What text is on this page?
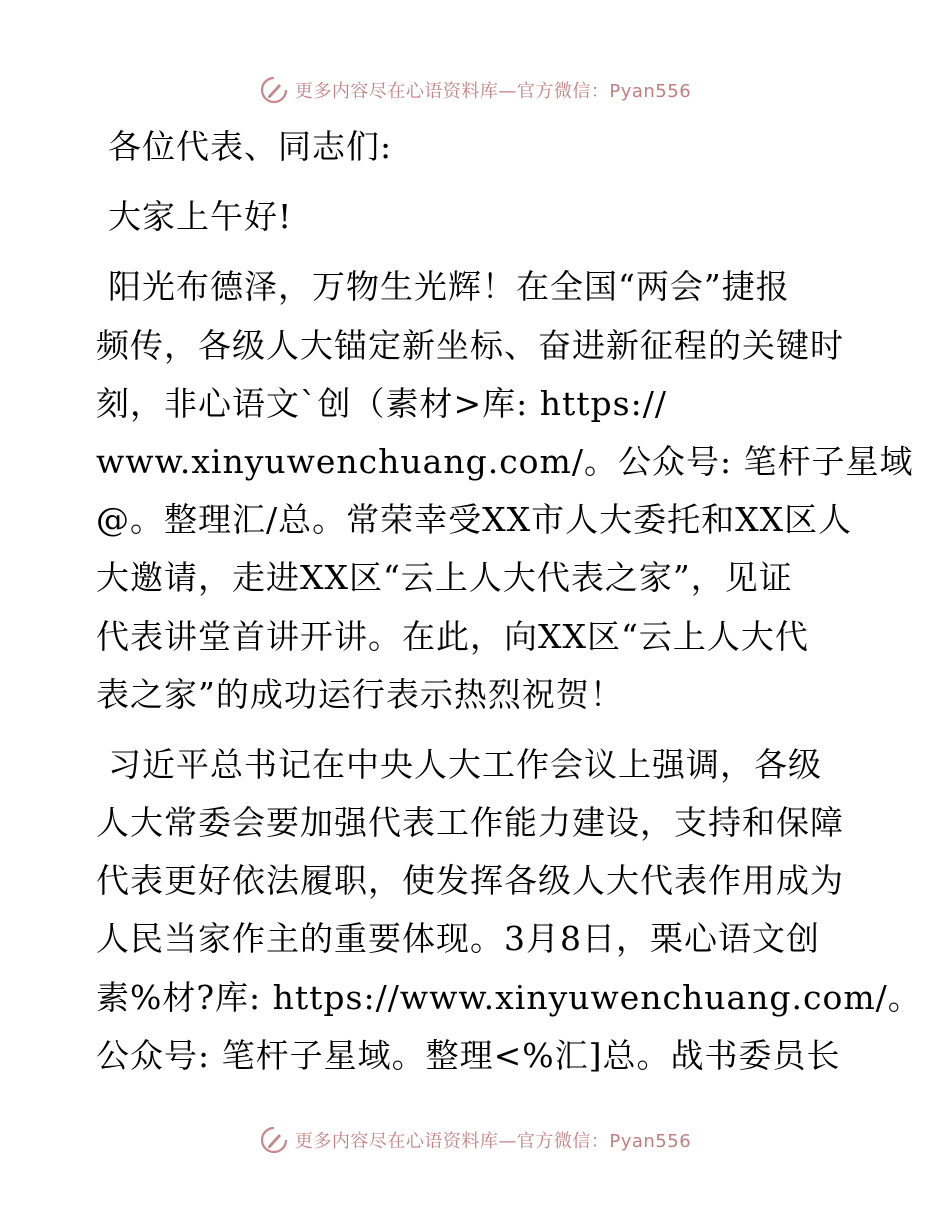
更多内容尽在心语资料库—官方微信：Pyan556
各位代表、同志们:
大家上午好!
阳光布德泽，万物生光辉！在全国“两会”捷报
频传，各级人大锚定新坐标、奋进新征程的关键时
刻，非心语文`创（素材>库: https://
www.xinyuwenchuang.com/。公众号: 笔杆子星域
@。整理汇/总。常荣幸受XX市人大委托和XX区人
大邀请，走进XX区“云上人大代表之家”，见证
代表讲堂首讲开讲。在此，向XX区“云上人大代
表之家”的成功运行表示热烈祝贺！
习近平总书记在中央人大工作会议上强调，各级
人大常委会要加强代表工作能力建设，支持和保障
代表更好依法履职，使发挥各级人大代表作用成为
人民当家作主的重要体现。3月8日，栗心语文创
素%材?库: https://www.xinyuwenchuang.com/。
公众号: 笔杆子星域。整理<%汇]总。战书委员长
更多内容尽在心语资料库—官方微信：Pyan556
